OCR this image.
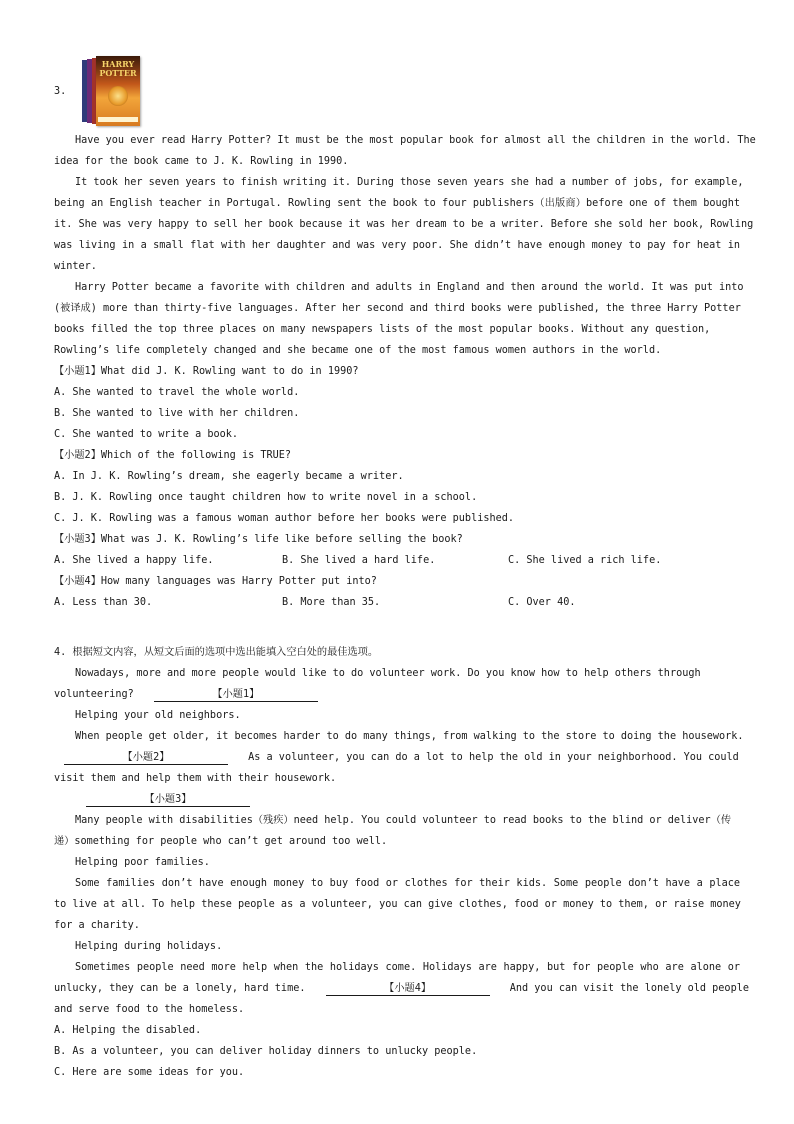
3.
HARRY
POTTER
Have you ever read Harry Potter? It must be the most popular book for almost all the children in the world. The
idea for the book came to J. K. Rowling in 1990.
It took her seven years to finish writing it. During those seven years she had a number of jobs, for example,
being an English teacher in Portugal. Rowling sent the book to four publishers（出版商）before one of them bought
it. She was very happy to sell her book because it was her dream to be a writer. Before she sold her book, Rowling
was living in a small flat with her daughter and was very poor. She didn’t have enough money to pay for heat in
winter.
Harry Potter became a favorite with children and adults in England and then around the world. It was put into
(被译成) more than thirty-five languages. After her second and third books were published, the three Harry Potter
books filled the top three places on many newspapers lists of the most popular books. Without any question,
Rowling’s life completely changed and she became one of the most famous women authors in the world.
【小题1】What did J. K. Rowling want to do in 1990?
A. She wanted to travel the whole world.
B. She wanted to live with her children.
C. She wanted to write a book.
【小题2】Which of the following is TRUE?
A. In J. K. Rowling’s dream, she eagerly became a writer.
B. J. K. Rowling once taught children how to write novel in a school.
C. J. K. Rowling was a famous woman author before her books were published.
【小题3】What was J. K. Rowling’s life like before selling the book?
A. She lived a happy life.	B. She lived a hard life.	C. She lived a rich life.
【小题4】How many languages was Harry Potter put into?
A. Less than 30.	B. More than 35.	C. Over 40.
4. 根据短文内容，从短文后面的选项中选出能填入空白处的最佳选项。
Nowadays, more and more people would like to do volunteer work. Do you know how to help others through
volunteering?	【小题1】
Helping your old neighbors.
When people get older, it becomes harder to do many things, from walking to the store to doing the housework.
【小题2】	As a volunteer, you can do a lot to help the old in your neighborhood. You could
visit them and help them with their housework.
【小题3】
Many people with disabilities（残疾）need help. You could volunteer to read books to the blind or deliver（传
递）something for people who can’t get around too well.
Helping poor families.
Some families don’t have enough money to buy food or clothes for their kids. Some people don’t have a place
to live at all. To help these people as a volunteer, you can give clothes, food or money to them, or raise money
for a charity.
Helping during holidays.
Sometimes people need more help when the holidays come. Holidays are happy, but for people who are alone or
unlucky, they can be a lonely, hard time.	【小题4】	And you can visit the lonely old people
and serve food to the homeless.
A. Helping the disabled.
B. As a volunteer, you can deliver holiday dinners to unlucky people.
C. Here are some ideas for you.
